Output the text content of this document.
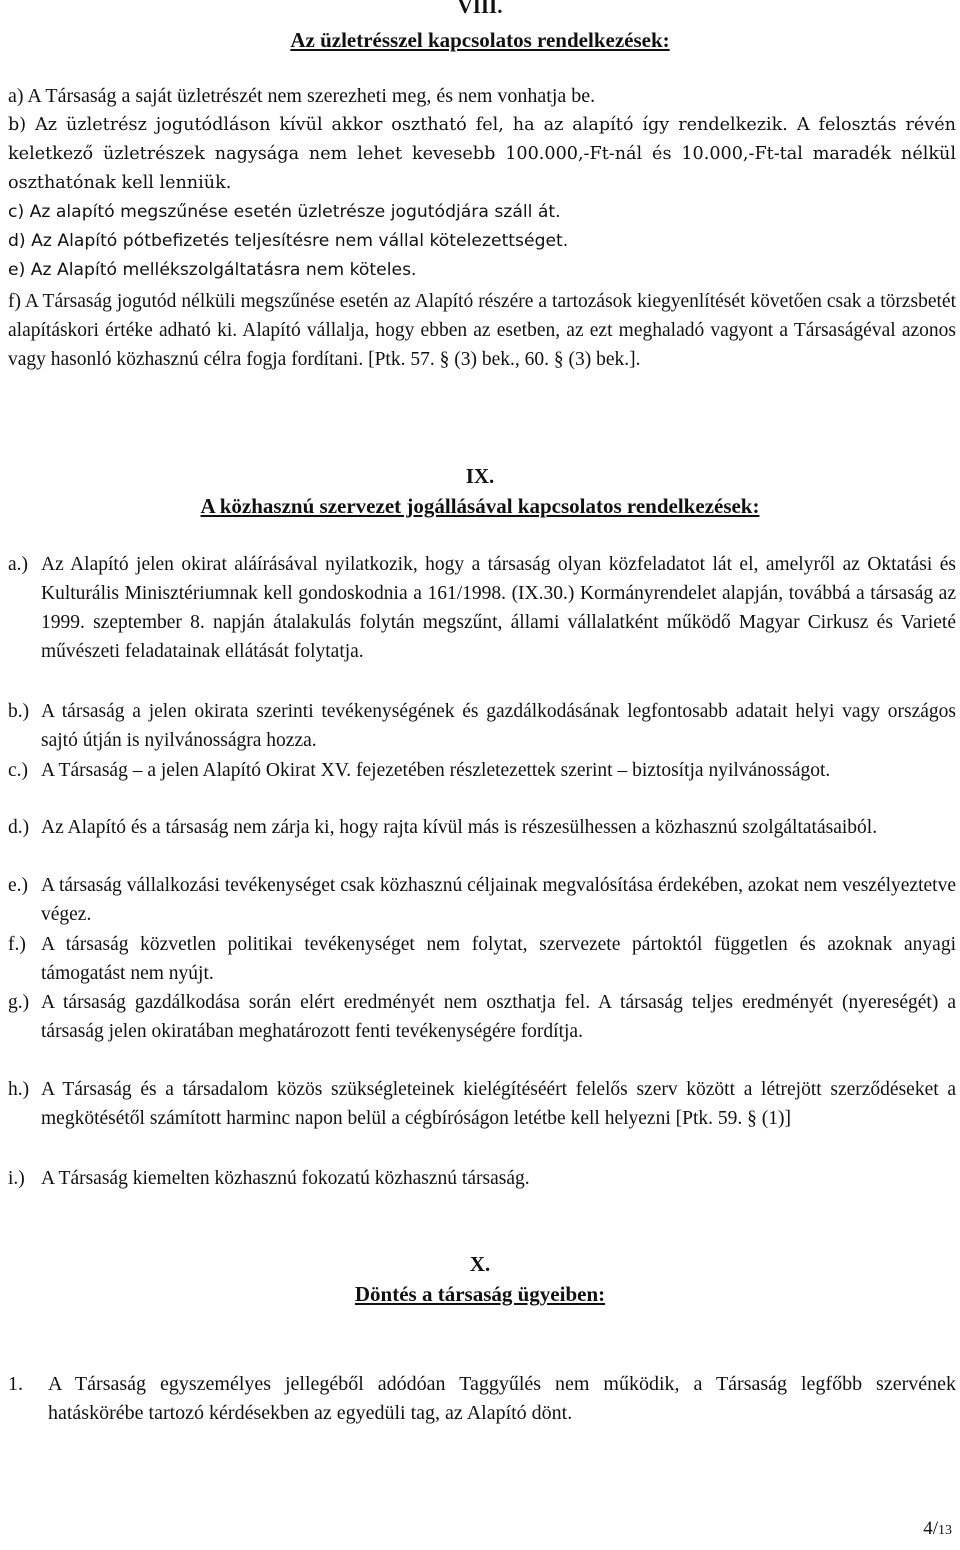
VIII.
Az üzletrésszel kapcsolatos rendelkezések:
a) A Társaság a saját üzletrészét nem szerezheti meg, és nem vonhatja be.
b) Az üzletrész jogutódláson kívül akkor osztható fel, ha az alapító így rendelkezik. A felosztás révén keletkező üzletrészek nagysága nem lehet kevesebb 100.000,-Ft-nál és 10.000,-Ft-tal maradék nélkül oszthatónak kell lenniük.
c) Az alapító megszűnése esetén üzletrésze jogutódjára száll át.
d) Az Alapító pótbefizetés teljesítésre nem vállal kötelezettséget.
e) Az Alapító mellékszolgáltatásra nem köteles.
f) A Társaság jogutód nélküli megszűnése esetén az Alapító részére a tartozások kiegyenlítését követően csak a törzsbetét alapításkori értéke adható ki. Alapító vállalja, hogy ebben az esetben, az ezt meghaladó vagyont a Társaságéval azonos vagy hasonló közhasznú célra fogja fordítani. [Ptk. 57. § (3) bek., 60. § (3) bek.].
IX.
A közhasznú szervezet jogállásával kapcsolatos rendelkezések:
a.) Az Alapító jelen okirat aláírásával nyilatkozik, hogy a társaság olyan közfeladatot lát el, amelyről az Oktatási és Kulturális Minisztériumnak kell gondoskodnia a 161/1998. (IX.30.) Kormányrendelet alapján, továbbá a társaság az 1999. szeptember 8. napján átalakulás folytán megszűnt, állami vállalatként működő Magyar Cirkusz és Varieté művészeti feladatainak ellátását folytatja.
b.) A társaság a jelen okirata szerinti tevékenységének és gazdálkodásának legfontosabb adatait helyi vagy országos sajtó útján is nyilvánosságra hozza.
c.) A Társaság – a jelen Alapító Okirat XV. fejezetében részletezettek szerint – biztosítja nyilvánosságot.
d.) Az Alapító és a társaság nem zárja ki, hogy rajta kívül más is részesülhessen a közhasznú szolgáltatásaiból.
e.) A társaság vállalkozási tevékenységet csak közhasznú céljainak megvalósítása érdekében, azokat nem veszélyeztetve végez.
f.) A társaság közvetlen politikai tevékenységet nem folytat, szervezete pártoktól független és azoknak anyagi támogatást nem nyújt.
g.) A társaság gazdálkodása során elért eredményét nem oszthatja fel. A társaság teljes eredményét (nyereségét) a társaság jelen okiratában meghatározott fenti tevékenységére fordítja.
h.) A Társaság és a társadalom közös szükségleteinek kielégítéséért felelős szerv között a létrejött szerződéseket a megkötésétől számított harminc napon belül a cégbíróságon letétbe kell helyezni [Ptk. 59. § (1)]
i.) A Társaság kiemelten közhasznú fokozatú közhasznú társaság.
X.
Döntés a társaság ügyeiben:
1. A Társaság egyszemélyes jellegéből adódóan Taggyűlés nem működik, a Társaság legfőbb szervének hatáskörébe tartozó kérdésekben az egyedüli tag, az Alapító dönt.
4/13
